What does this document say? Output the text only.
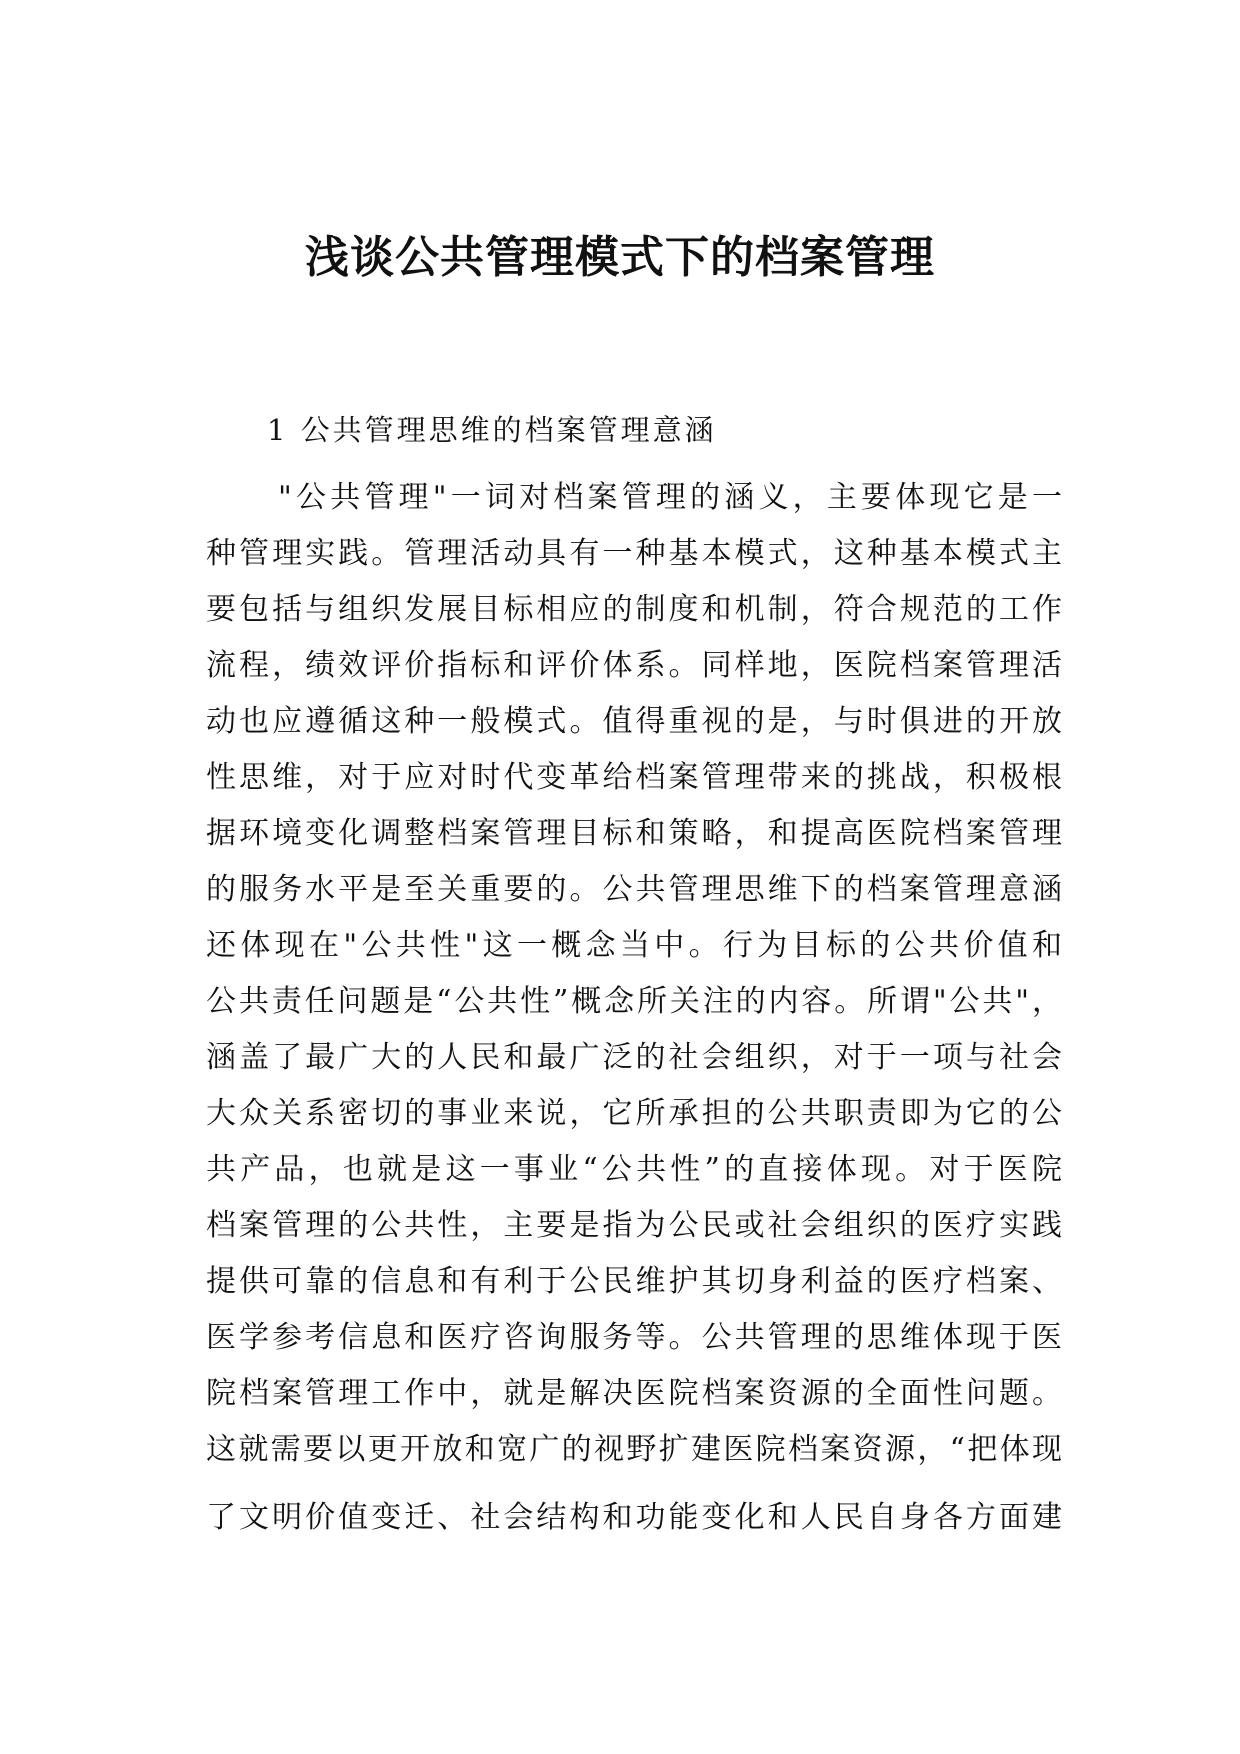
浅谈公共管理模式下的档案管理

1 公共管理思维的档案管理意涵

"公共管理"一词对档案管理的涵义，主要体现它是一
种管理实践。管理活动具有一种基本模式，这种基本模式主
要包括与组织发展目标相应的制度和机制，符合规范的工作
流程，绩效评价指标和评价体系。同样地，医院档案管理活
动也应遵循这种一般模式。值得重视的是，与时俱进的开放
性思维，对于应对时代变革给档案管理带来的挑战，积极根
据环境变化调整档案管理目标和策略，和提高医院档案管理
的服务水平是至关重要的。公共管理思维下的档案管理意涵
还体现在"公共性"这一概念当中。行为目标的公共价值和
公共责任问题是“公共性”概念所关注的内容。所谓"公共"，
涵盖了最广大的人民和最广泛的社会组织，对于一项与社会
大众关系密切的事业来说，它所承担的公共职责即为它的公
共产品，也就是这一事业“公共性”的直接体现。对于医院
档案管理的公共性，主要是指为公民或社会组织的医疗实践
提供可靠的信息和有利于公民维护其切身利益的医疗档案、
医学参考信息和医疗咨询服务等。公共管理的思维体现于医
院档案管理工作中，就是解决医院档案资源的全面性问题。
这就需要以更开放和宽广的视野扩建医院档案资源，“把体现
了文明价值变迁、社会结构和功能变化和人民自身各方面建
